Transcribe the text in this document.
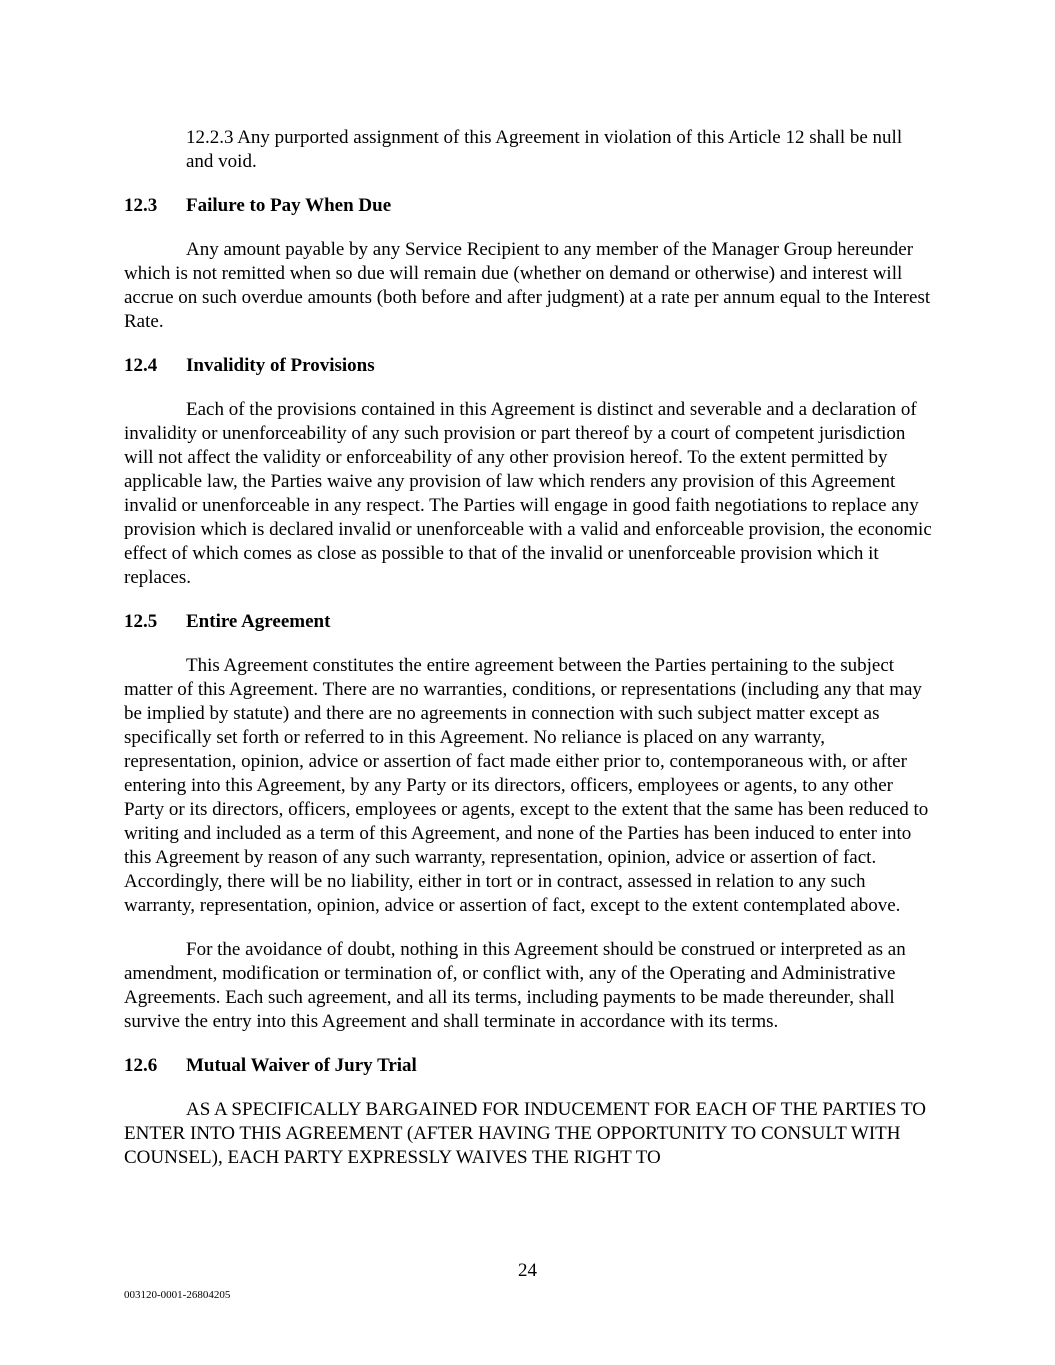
12.2.3 Any purported assignment of this Agreement in violation of this Article 12 shall be null and void.

12.3	Failure to Pay When Due

Any amount payable by any Service Recipient to any member of the Manager Group hereunder which is not remitted when so due will remain due (whether on demand or otherwise) and interest will accrue on such overdue amounts (both before and after judgment) at a rate per annum equal to the Interest Rate.

12.4	Invalidity of Provisions

Each of the provisions contained in this Agreement is distinct and severable and a declaration of invalidity or unenforceability of any such provision or part thereof by a court of competent jurisdiction will not affect the validity or enforceability of any other provision hereof. To the extent permitted by applicable law, the Parties waive any provision of law which renders any provision of this Agreement invalid or unenforceable in any respect. The Parties will engage in good faith negotiations to replace any provision which is declared invalid or unenforceable with a valid and enforceable provision, the economic effect of which comes as close as possible to that of the invalid or unenforceable provision which it replaces.

12.5	Entire Agreement

This Agreement constitutes the entire agreement between the Parties pertaining to the subject matter of this Agreement. There are no warranties, conditions, or representations (including any that may be implied by statute) and there are no agreements in connection with such subject matter except as specifically set forth or referred to in this Agreement. No reliance is placed on any warranty, representation, opinion, advice or assertion of fact made either prior to, contemporaneous with, or after entering into this Agreement, by any Party or its directors, officers, employees or agents, to any other Party or its directors, officers, employees or agents, except to the extent that the same has been reduced to writing and included as a term of this Agreement, and none of the Parties has been induced to enter into this Agreement by reason of any such warranty, representation, opinion, advice or assertion of fact. Accordingly, there will be no liability, either in tort or in contract, assessed in relation to any such warranty, representation, opinion, advice or assertion of fact, except to the extent contemplated above.

For the avoidance of doubt, nothing in this Agreement should be construed or interpreted as an amendment, modification or termination of, or conflict with, any of the Operating and Administrative Agreements. Each such agreement, and all its terms, including payments to be made thereunder, shall survive the entry into this Agreement and shall terminate in accordance with its terms.

12.6	Mutual Waiver of Jury Trial

AS A SPECIFICALLY BARGAINED FOR INDUCEMENT FOR EACH OF THE PARTIES TO ENTER INTO THIS AGREEMENT (AFTER HAVING THE OPPORTUNITY TO CONSULT WITH COUNSEL), EACH PARTY EXPRESSLY WAIVES THE RIGHT TO

24
003120-0001-26804205
